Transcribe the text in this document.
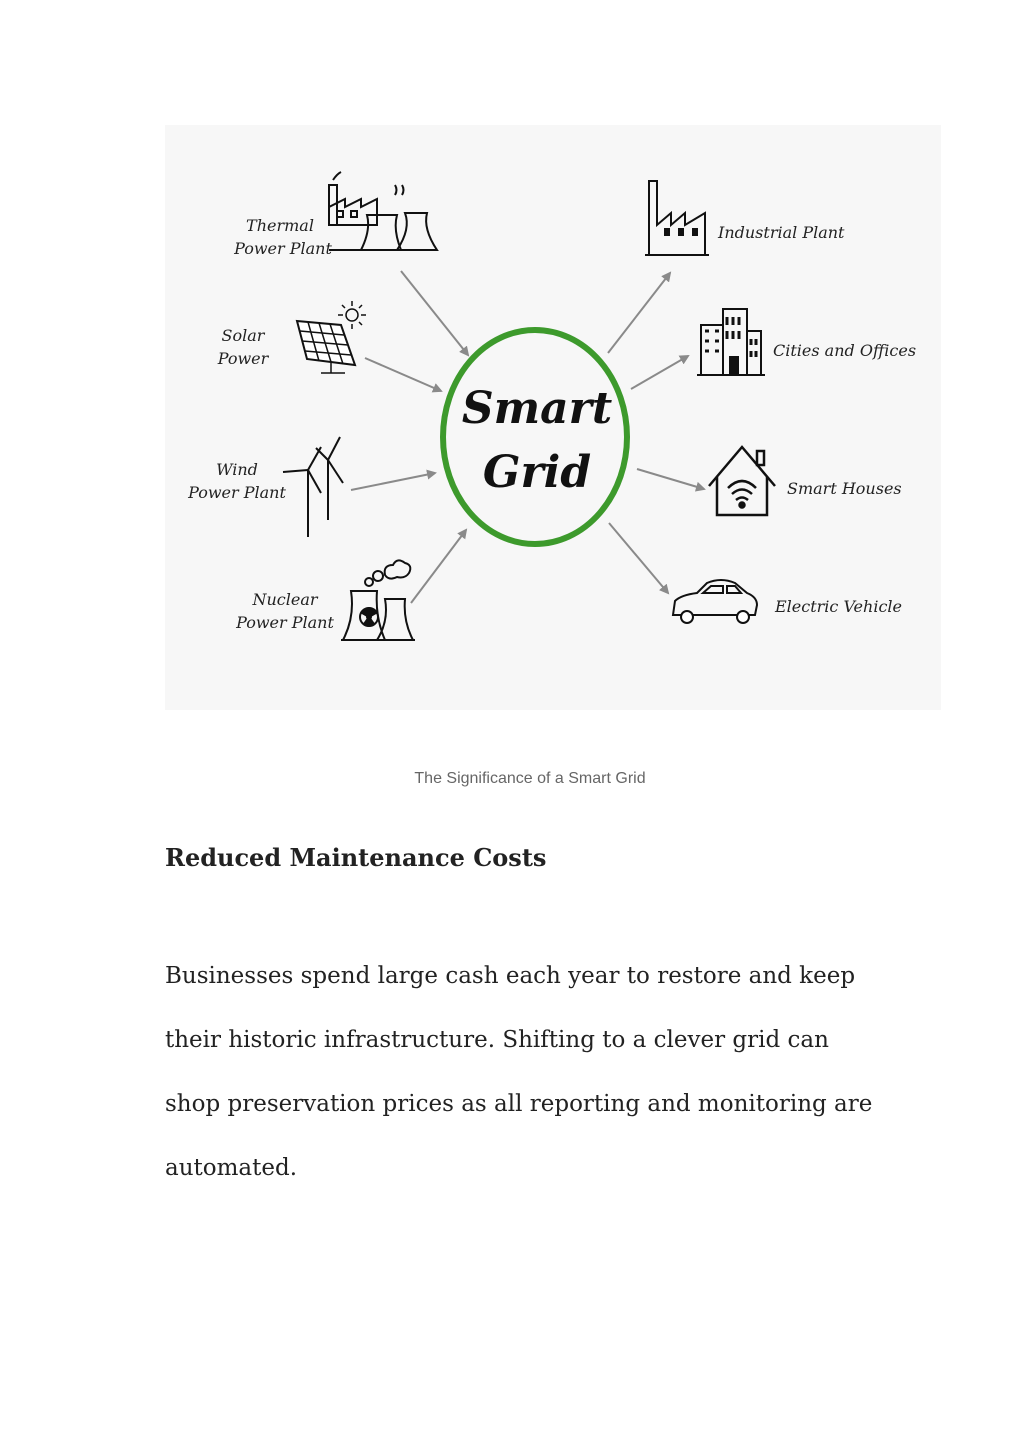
Smart
Grid
Thermal
Power Plant
Solar
Power
Wind
Power Plant
Nuclear
Power Plant
Industrial Plant
Cities and Offices
Smart Houses
Electric Vehicle
The Significance of a Smart Grid
Reduced Maintenance Costs

Businesses spend large cash each year to restore and keep
their historic infrastructure. Shifting to a clever grid can
shop preservation prices as all reporting and monitoring are
automated.
